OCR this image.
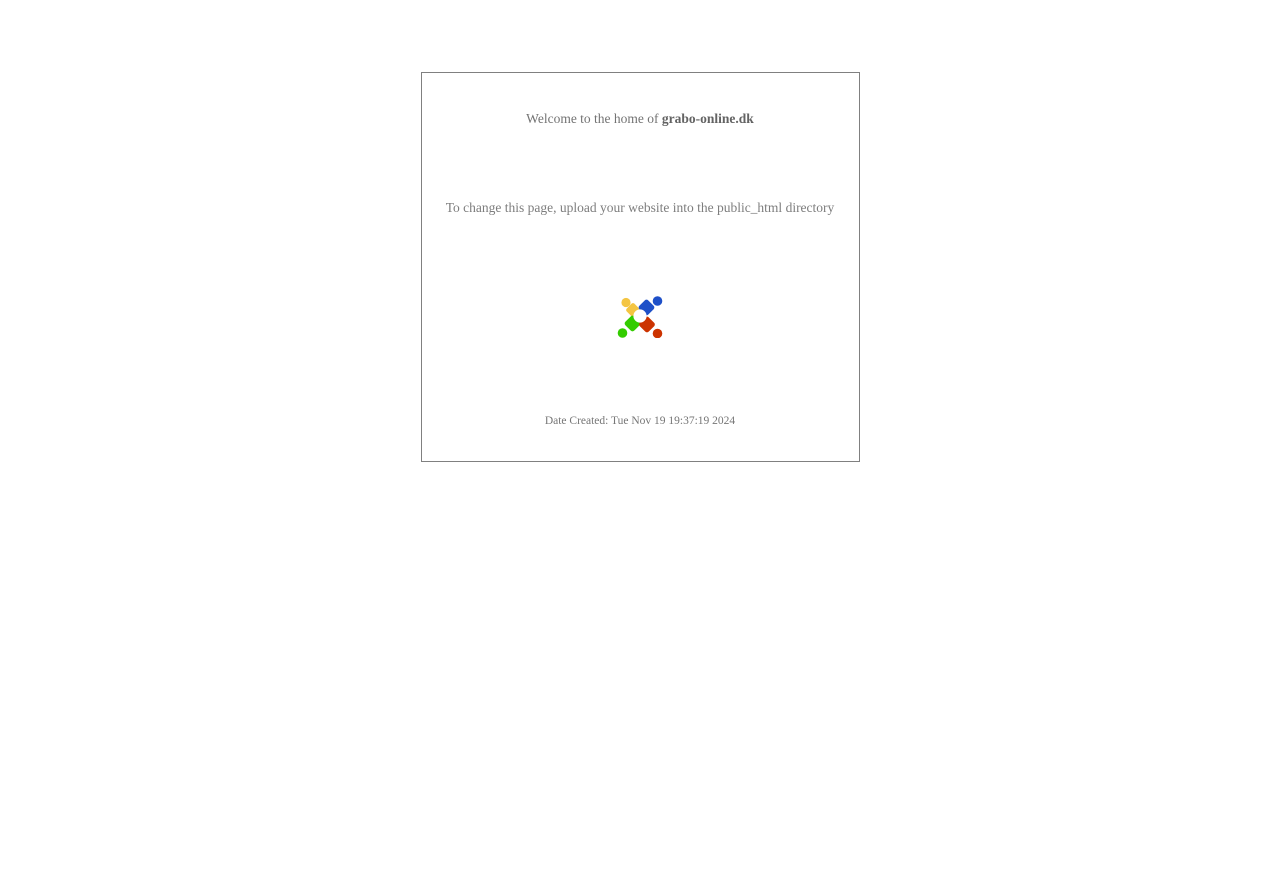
Welcome to the home of grabo-online.dk

To change this page, upload your website into the public_html directory

Date Created: Tue Nov 19 19:37:19 2024
